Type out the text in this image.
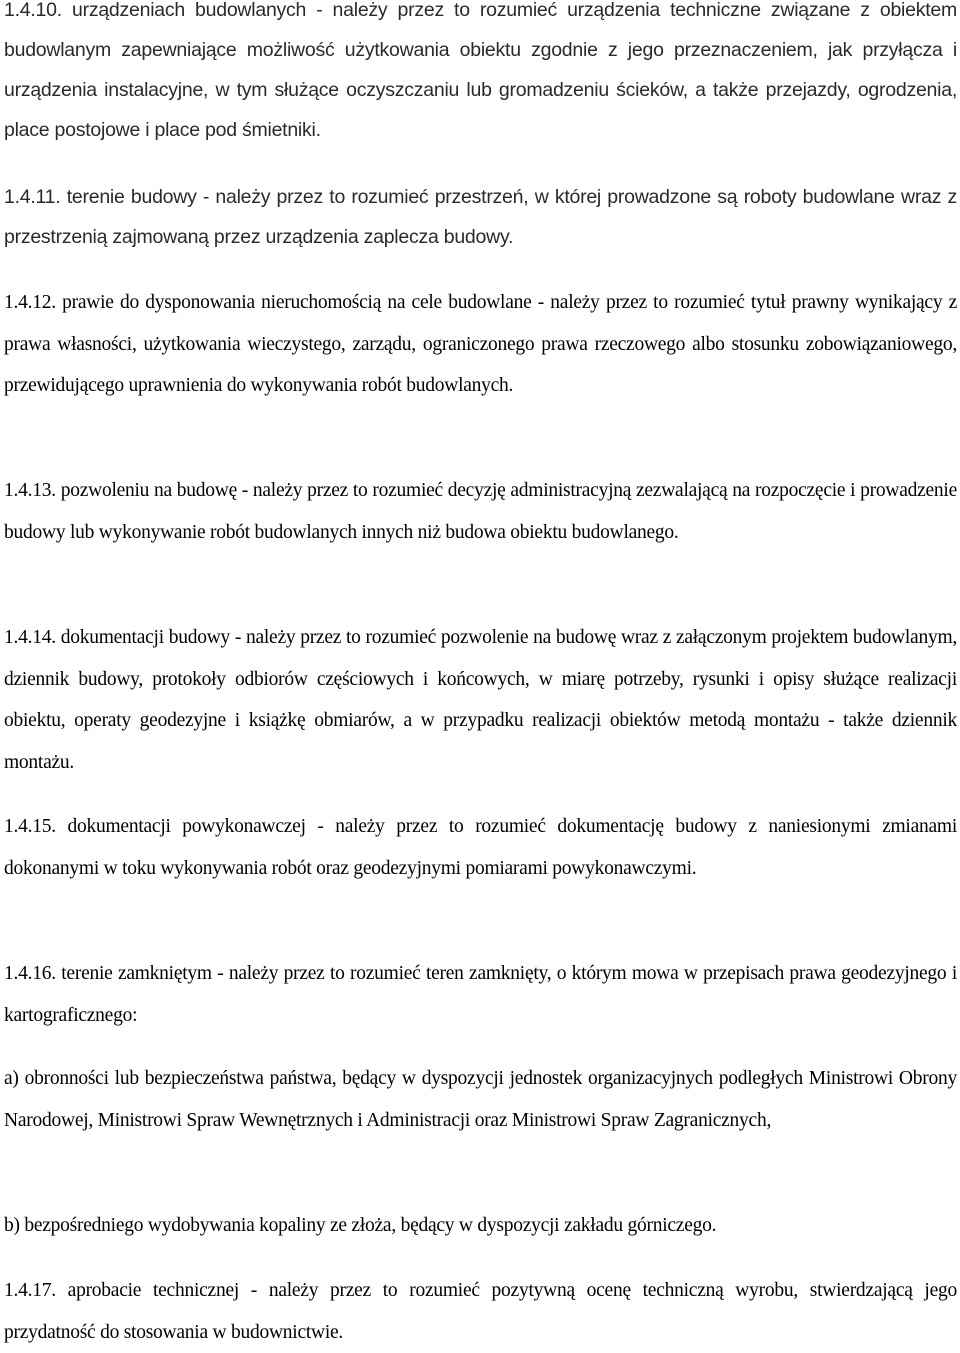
1.4.10. urządzeniach budowlanych - należy przez to rozumieć urządzenia techniczne związane z obiektem budowlanym zapewniające możliwość użytkowania obiektu zgodnie z jego przeznaczeniem, jak przyłącza i urządzenia instalacyjne, w tym służące oczyszczaniu lub gromadzeniu ścieków, a także przejazdy, ogrodzenia, place postojowe i place pod śmietniki.

1.4.11. terenie budowy - należy przez to rozumieć przestrzeń, w której prowadzone są roboty budowlane wraz z przestrzenią zajmowaną przez urządzenia zaplecza budowy.

1.4.12. prawie do dysponowania nieruchomością na cele budowlane - należy przez to rozumieć tytuł prawny wynikający z prawa własności, użytkowania wieczystego, zarządu, ograniczonego prawa rzeczowego albo stosunku zobowiązaniowego, przewidującego uprawnienia do wykonywania robót budowlanych.

1.4.13. pozwoleniu na budowę - należy przez to rozumieć decyzję administracyjną zezwalającą na rozpoczęcie i prowadzenie budowy lub wykonywanie robót budowlanych innych niż budowa obiektu budowlanego.

1.4.14. dokumentacji budowy - należy przez to rozumieć pozwolenie na budowę wraz z załączonym projektem budowlanym, dziennik budowy, protokoły odbiorów częściowych i końcowych, w miarę potrzeby, rysunki i opisy służące realizacji obiektu, operaty geodezyjne i książkę obmiarów, a w przypadku realizacji obiektów metodą montażu - także dziennik montażu.

1.4.15. dokumentacji powykonawczej - należy przez to rozumieć dokumentację budowy z naniesionymi zmianami dokonanymi w toku wykonywania robót oraz geodezyjnymi pomiarami powykonawczymi.

1.4.16. terenie zamkniętym - należy przez to rozumieć teren zamknięty, o którym mowa w przepisach prawa geodezyjnego i kartograficznego:

a) obronności lub bezpieczeństwa państwa, będący w dyspozycji jednostek organizacyjnych podległych Ministrowi Obrony Narodowej, Ministrowi Spraw Wewnętrznych i Administracji oraz Ministrowi Spraw Zagranicznych,

b) bezpośredniego wydobywania kopaliny ze złoża, będący w dyspozycji zakładu górniczego.

1.4.17. aprobacie technicznej - należy przez to rozumieć pozytywną ocenę techniczną wyrobu, stwierdzającą jego przydatność do stosowania w budownictwie.
